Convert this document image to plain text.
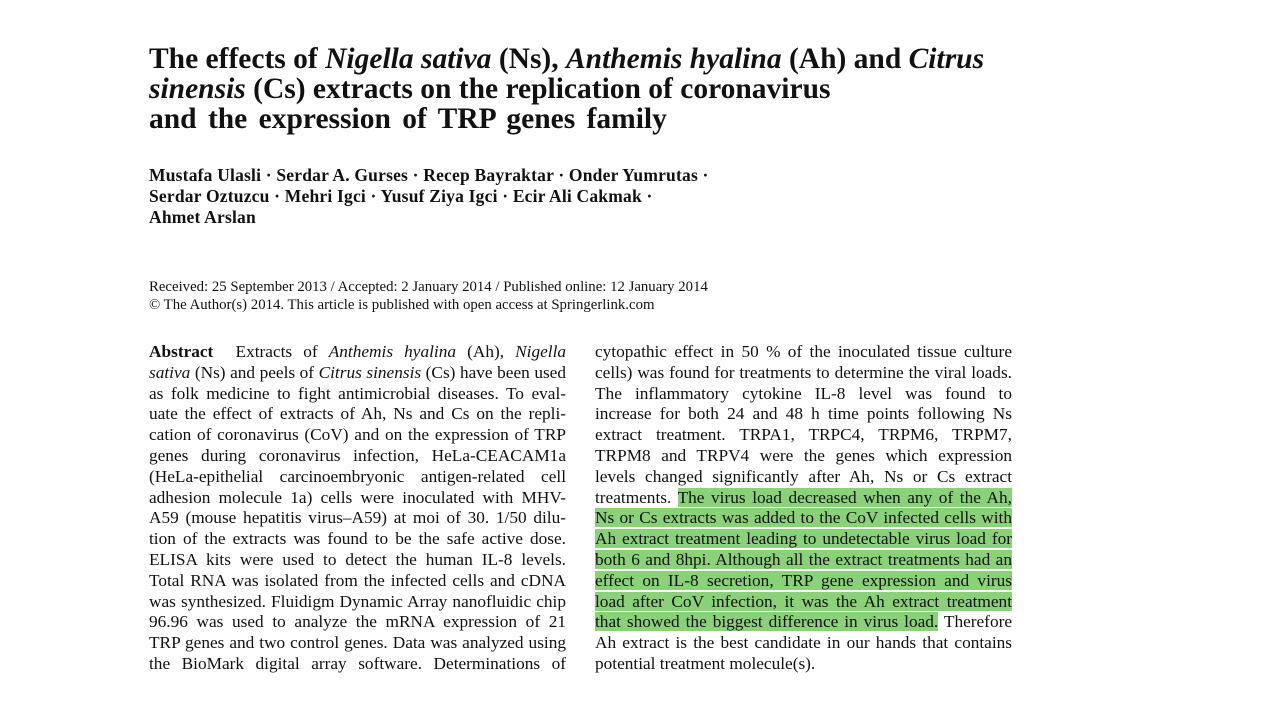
The effects of Nigella sativa (Ns), Anthemis hyalina (Ah) and Citrus
sinensis (Cs) extracts on the replication of coronavirus
and the expression of TRP genes family
Mustafa Ulasli · Serdar A. Gurses · Recep Bayraktar · Onder Yumrutas ·
Serdar Oztuzcu · Mehri Igci · Yusuf Ziya Igci · Ecir Ali Cakmak ·
Ahmet Arslan
Received: 25 September 2013 / Accepted: 2 January 2014 / Published online: 12 January 2014
© The Author(s) 2014. This article is published with open access at Springerlink.com
Abstract Extracts of Anthemis hyalina (Ah), Nigella
sativa (Ns) and peels of Citrus sinensis (Cs) have been used
as folk medicine to fight antimicrobial diseases. To eval-
uate the effect of extracts of Ah, Ns and Cs on the repli-
cation of coronavirus (CoV) and on the expression of TRP
genes during coronavirus infection, HeLa-CEACAM1a
(HeLa-epithelial carcinoembryonic antigen-related cell
adhesion molecule 1a) cells were inoculated with MHV-
A59 (mouse hepatitis virus–A59) at moi of 30. 1/50 dilu-
tion of the extracts was found to be the safe active dose.
ELISA kits were used to detect the human IL-8 levels.
Total RNA was isolated from the infected cells and cDNA
was synthesized. Fluidigm Dynamic Array nanofluidic chip
96.96 was used to analyze the mRNA expression of 21
TRP genes and two control genes. Data was analyzed using
the BioMark digital array software. Determinations of
cytopathic effect in 50 % of the inoculated tissue culture
cells) was found for treatments to determine the viral loads.
The inflammatory cytokine IL-8 level was found to
increase for both 24 and 48 h time points following Ns
extract treatment. TRPA1, TRPC4, TRPM6, TRPM7,
TRPM8 and TRPV4 were the genes which expression
levels changed significantly after Ah, Ns or Cs extract
treatments. The virus load decreased when any of the Ah,
Ns or Cs extracts was added to the CoV infected cells with
Ah extract treatment leading to undetectable virus load for
both 6 and 8hpi. Although all the extract treatments had an
effect on IL-8 secretion, TRP gene expression and virus
load after CoV infection, it was the Ah extract treatment
that showed the biggest difference in virus load. Therefore
Ah extract is the best candidate in our hands that contains
potential treatment molecule(s).
